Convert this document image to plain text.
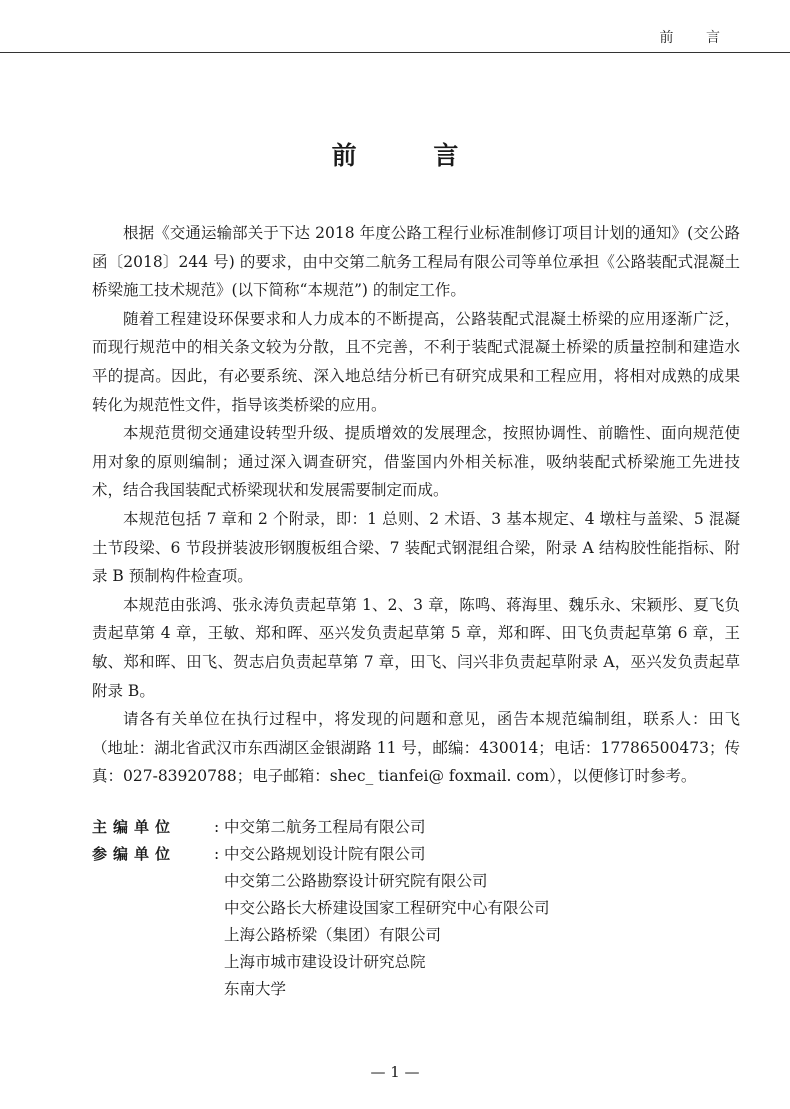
前 言
前 言

根据《交通运输部关于下达 2018 年度公路工程行业标准制修订项目计划的通知》(交公路函〔2018〕244 号) 的要求，由中交第二航务工程局有限公司等单位承担《公路装配式混凝土桥梁施工技术规范》(以下简称“本规范”) 的制定工作。

随着工程建设环保要求和人力成本的不断提高，公路装配式混凝土桥梁的应用逐渐广泛，而现行规范中的相关条文较为分散，且不完善，不利于装配式混凝土桥梁的质量控制和建造水平的提高。因此，有必要系统、深入地总结分析已有研究成果和工程应用，将相对成熟的成果转化为规范性文件，指导该类桥梁的应用。

本规范贯彻交通建设转型升级、提质增效的发展理念，按照协调性、前瞻性、面向规范使用对象的原则编制；通过深入调查研究，借鉴国内外相关标准，吸纳装配式桥梁施工先进技术，结合我国装配式桥梁现状和发展需要制定而成。

本规范包括 7 章和 2 个附录，即：1 总则、2 术语、3 基本规定、4 墩柱与盖梁、5 混凝土节段梁、6 节段拼装波形钢腹板组合梁、7 装配式钢混组合梁，附录 A 结构胶性能指标、附录 B 预制构件检查项。

本规范由张鸿、张永涛负责起草第 1、2、3 章，陈鸣、蒋海里、魏乐永、宋颖彤、夏飞负责起草第 4 章，王敏、郑和晖、巫兴发负责起草第 5 章，郑和晖、田飞负责起草第 6 章，王敏、郑和晖、田飞、贺志启负责起草第 7 章，田飞、闫兴非负责起草附录 A，巫兴发负责起草附录 B。

请各有关单位在执行过程中，将发现的问题和意见，函告本规范编制组，联系人：田飞（地址：湖北省武汉市东西湖区金银湖路 11 号，邮编：430014；电话：17786500473；传真：027-83920788；电子邮箱：shec_ tianfei@ foxmail. com），以便修订时参考。

主编单位	: 中交第二航务工程局有限公司
参编单位	: 中交公路规划设计院有限公司
中交第二公路勘察设计研究院有限公司
中交公路长大桥建设国家工程研究中心有限公司
上海公路桥梁（集团）有限公司
上海市城市建设设计研究总院
东南大学
— 1 —
